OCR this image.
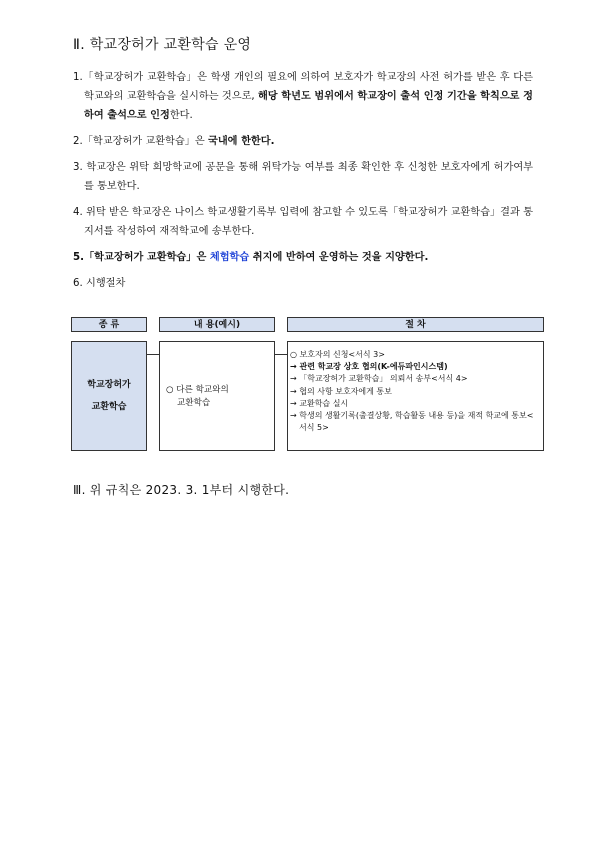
Ⅱ. 학교장허가 교환학습 운영
1.「학교장허가 교환학습」은 학생 개인의 필요에 의하여 보호자가 학교장의 사전 허가를 받은 후 다른 학교와의 교환학습을 실시하는 것으로, 해당 학년도 범위에서 학교장이 출석 인정 기간을 학칙으로 정하여 출석으로 인정한다.
2.「학교장허가 교환학습」은 국내에 한한다.
3. 학교장은 위탁 희망학교에 공문을 통해 위탁가능 여부를 최종 확인한 후 신청한 보호자에게 허가여부를 통보한다.
4. 위탁 받은 학교장은 나이스 학교생활기록부 입력에 참고할 수 있도록「학교장허가 교환학습」결과 통지서를 작성하여 재적학교에 송부한다.
5.「학교장허가 교환학습」은 체험학습 취지에 반하여 운영하는 것을 지양한다.
6. 시행절차
종 류	내 용(예시)	절 차
학교장허가
교환학습
○ 다른 학교와의
교환학습
○ 보호자의 신청<서식 3>
→ 관련 학교장 상호 협의(K-에듀파인시스템)
→ 「학교장허가 교환학습」 의뢰서 송부<서식 4>
→ 협의 사항 보호자에게 통보
→ 교환학습 실시
→ 학생의 생활기록(출결상황, 학습활동 내용 등)을 재적 학교에 통보<서식 5>
Ⅲ. 위 규칙은 2023. 3. 1부터 시행한다.
